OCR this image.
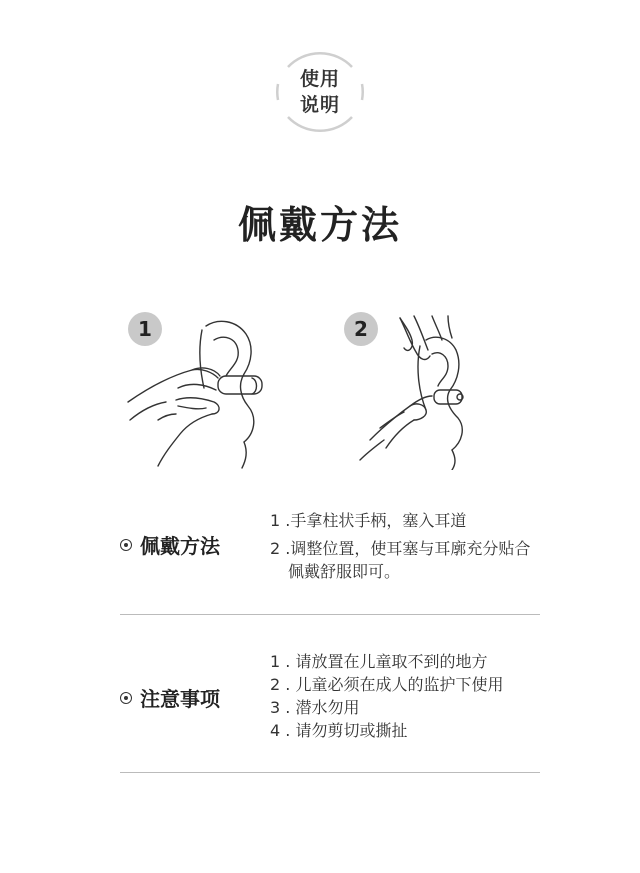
使用
说明
佩戴方法
1	2
佩戴方法
1 .手拿柱状手柄，塞入耳道
2 .调整位置，使耳塞与耳廓充分贴合
佩戴舒服即可。
注意事项
1 . 请放置在儿童取不到的地方
2 . 儿童必须在成人的监护下使用
3 . 潜水勿用
4 . 请勿剪切或撕扯
